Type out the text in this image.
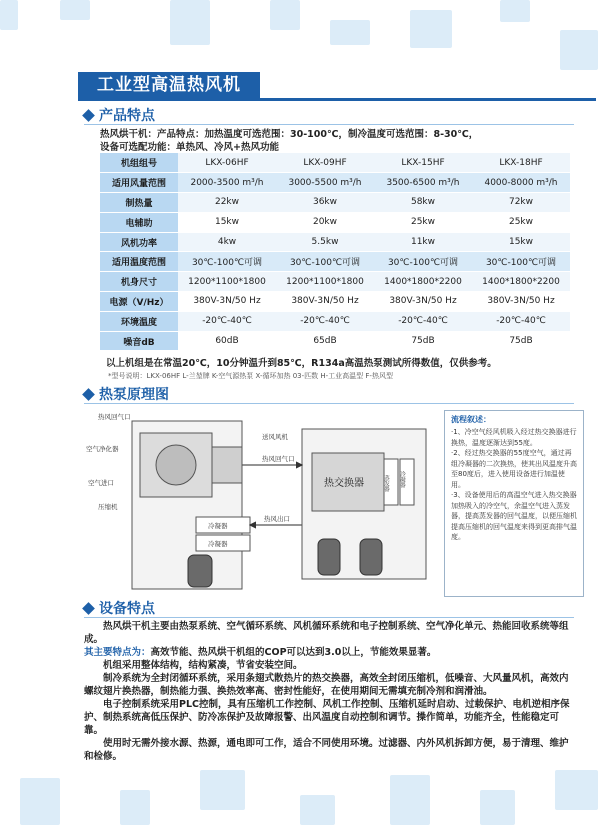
工业型高温热风机
产品特点
热风烘干机：产品特点：加热温度可选范围：30-100℃，制冷温度可选范围：8-30℃，
设备可选配功能：单热风、冷风+热风功能
机组组号	LKX-06HF	LKX-09HF	LKX-15HF	LKX-18HF
适用风量范围	2000-3500 m³/h	3000-5500 m³/h	3500-6500 m³/h	4000-8000 m³/h
制热量	22kw	36kw	58kw	72kw
电辅助	15kw	20kw	25kw	25kw
风机功率	4kw	5.5kw	11kw	15kw
适用温度范围	30℃-100℃可调	30℃-100℃可调	30℃-100℃可调	30℃-100℃可调
机身尺寸	1200*1100*1800	1200*1100*1800	1400*1800*2200	1400*1800*2200
电源（V/Hz）	380V-3N/50 Hz	380V-3N/50 Hz	380V-3N/50 Hz	380V-3N/50 Hz
环境温度	-20℃-40℃	-20℃-40℃	-20℃-40℃	-20℃-40℃
噪音dB	60dB	65dB	75dB	75dB
以上机组是在常温20℃，10分钟温升到85℃，R134a高温热泵测试所得数值，仅供参考。
*型号说明：LKX-06HF L-兰堃牌 K-空气源热泵 X-循环加热 03-匹数 H-工业高温型 F-热风型
热泵原理图
热风回气口
空气净化器
空气进口
压缩机
送风风机
热风回气口
热风出口
冷凝器
冷凝器
热交换器	蒸发器 冷凝器
流程叙述：

·1、冷空气经风机吸入经过热交换器进行换热，温度逐渐达到55度。

·2、经过热交换器的55度空气，通过再组冷凝器的二次换热，使其出风温度升高至80度后，进入使用设备进行加温使用。

·3、设备使用后的高温空气进入热交换器加热吸入的冷空气，余温空气进入蒸发器，提高蒸发器的回气温度，以便压缩机提高压缩机的回气温度来得到更高排气温度。

设备特点

热风烘干机主要由热泵系统、空气循环系统、风机循环系统和电子控制系统、空气净化单元、热能回收系统等组成。

其主要特点为：高效节能、热风烘干机组的COP可以达到3.0以上，节能效果显著。

机组采用整体结构，结构紧凑，节省安装空间。

制冷系统为全封闭循环系统，采用条翅式散热片的热交换器，高效全封闭压缩机，低噪音、大风量风机，高效内螺纹翅片换热器，制热能力强、换热效率高、密封性能好，在使用期间无需填充制冷剂和润滑油。

电子控制系统采用PLC控制，具有压缩机工作控制、风机工作控制、压缩机延时启动、过载保护、电机逆相序保护、制热系统高低压保护、防冷冻保护及故障报警、出风温度自动控制和调节。操作简单，功能齐全，性能稳定可靠。

使用时无需外接水源、热源，通电即可工作，适合不同使用环境。过滤器、内外风机拆卸方便，易于清理、维护和检修。
